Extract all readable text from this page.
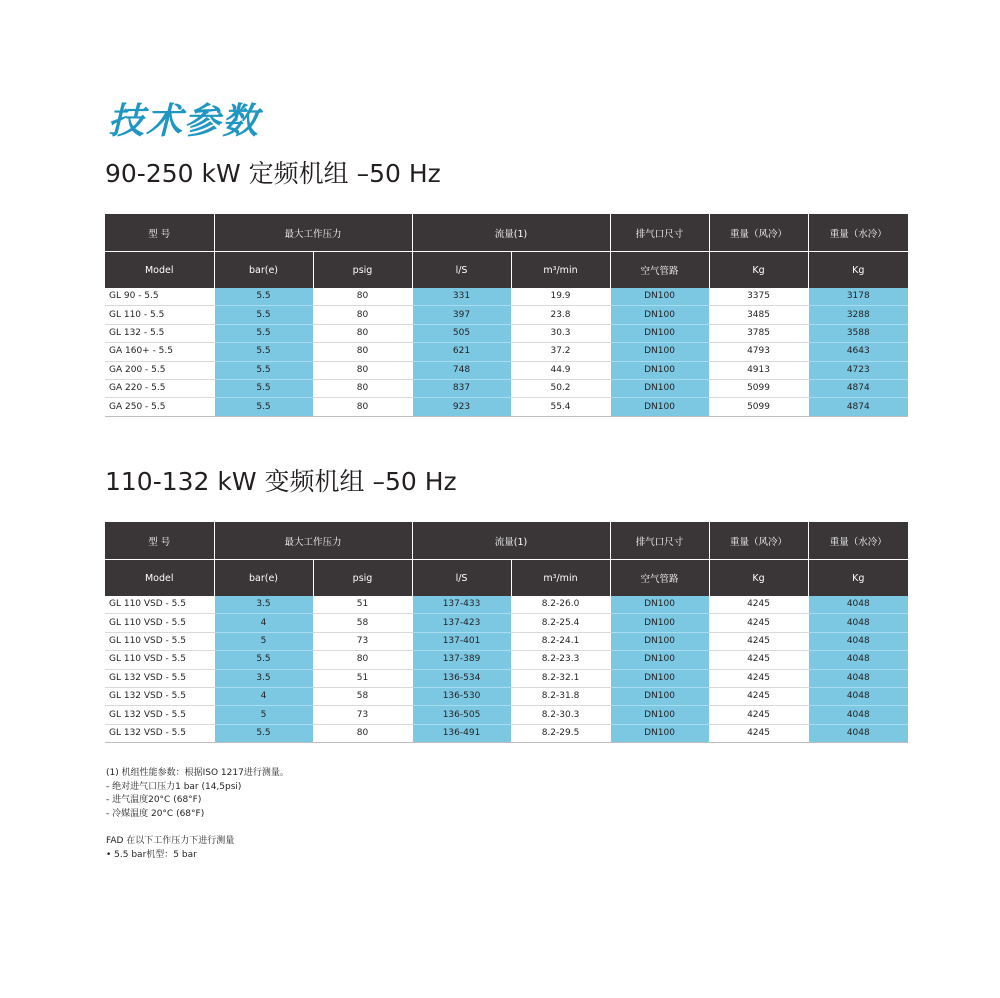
技术参数
90-250 kW 定频机组 –50 Hz
型 号	最大工作压力		流量(1)		排气口尺寸	重量（风冷）	重量（水冷）
Model	bar(e)	psig	l/S	m³/min	空气管路	Kg	Kg
GL 90 - 5.5	5.5	80	331	19.9	DN100	3375	3178
GL 110 - 5.5	5.5	80	397	23.8	DN100	3485	3288
GL 132 - 5.5	5.5	80	505	30.3	DN100	3785	3588
GA 160+ - 5.5	5.5	80	621	37.2	DN100	4793	4643
GA 200 - 5.5	5.5	80	748	44.9	DN100	4913	4723
GA 220 - 5.5	5.5	80	837	50.2	DN100	5099	4874
GA 250 - 5.5	5.5	80	923	55.4	DN100	5099	4874
110-132 kW 变频机组 –50 Hz
型 号	最大工作压力		流量(1)		排气口尺寸	重量（风冷）	重量（水冷）
Model	bar(e)	psig	l/S	m³/min	空气管路	Kg	Kg
GL 110 VSD - 5.5	3.5	51	137-433	8.2-26.0	DN100	4245	4048
GL 110 VSD - 5.5	4	58	137-423	8.2-25.4	DN100	4245	4048
GL 110 VSD - 5.5	5	73	137-401	8.2-24.1	DN100	4245	4048
GL 110 VSD - 5.5	5.5	80	137-389	8.2-23.3	DN100	4245	4048
GL 132 VSD - 5.5	3.5	51	136-534	8.2-32.1	DN100	4245	4048
GL 132 VSD - 5.5	4	58	136-530	8.2-31.8	DN100	4245	4048
GL 132 VSD - 5.5	5	73	136-505	8.2-30.3	DN100	4245	4048
GL 132 VSD - 5.5	5.5	80	136-491	8.2-29.5	DN100	4245	4048

(1) 机组性能参数：根据ISO 1217进行测量。

- 绝对进气口压力1 bar (14,5psi)

- 进气温度20°C (68°F)

- 冷媒温度 20°C (68°F)

FAD 在以下工作压力下进行测量

• 5.5 bar机型：5 bar
